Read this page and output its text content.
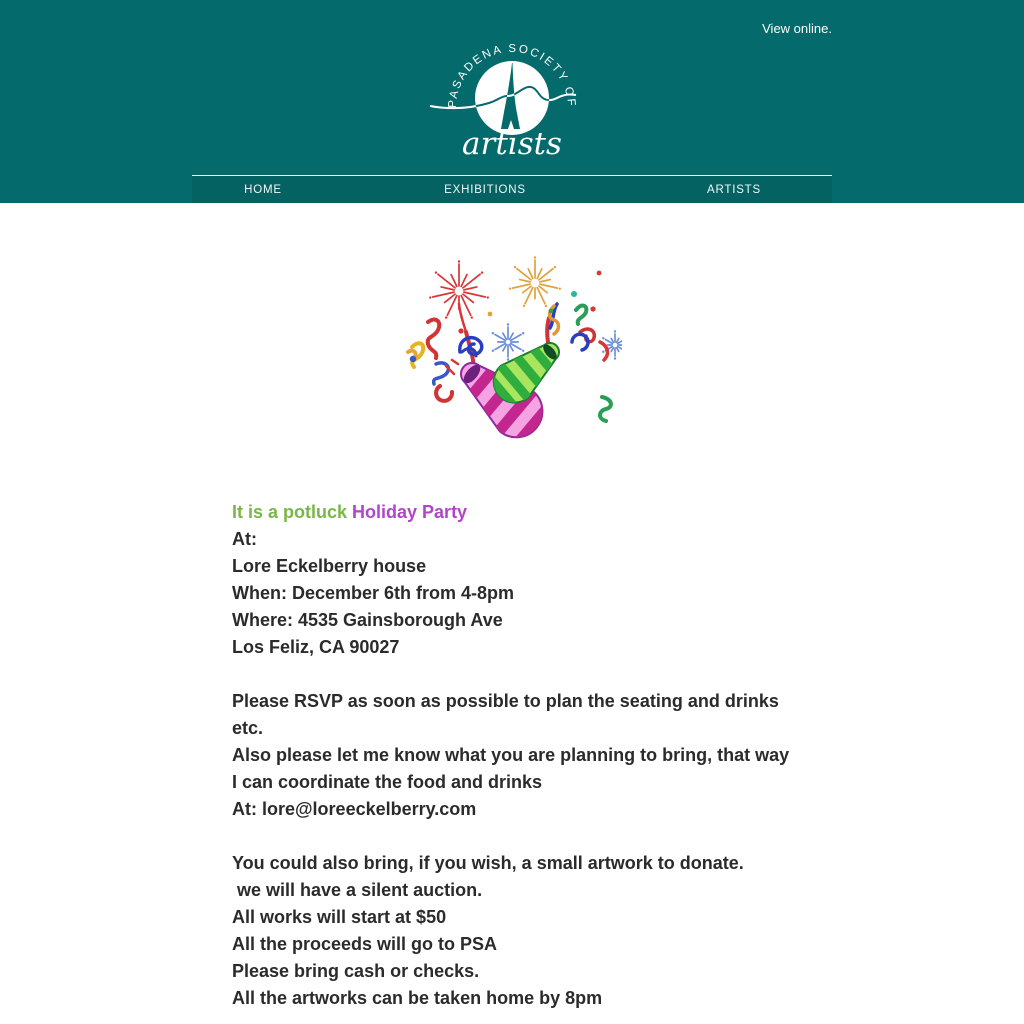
View online.
PASADENA SOCIETY OF
artists
HOME	EXHIBITIONS	ARTISTS

It is a potluck Holiday Party

At:
Lore Eckelberry house
When: December 6th from 4-8pm
Where: 4535 Gainsborough Ave
Los Feliz, CA 90027
Please RSVP as soon as possible to plan the seating and drinks
etc.
Also please let me know what you are planning to bring, that way
I can coordinate the food and drinks
At: lore@loreeckelberry.com
You could also bring, if you wish, a small artwork to donate.
we will have a silent auction.
All works will start at $50
All the proceeds will go to PSA
Please bring cash or checks.
All the artworks can be taken home by 8pm
